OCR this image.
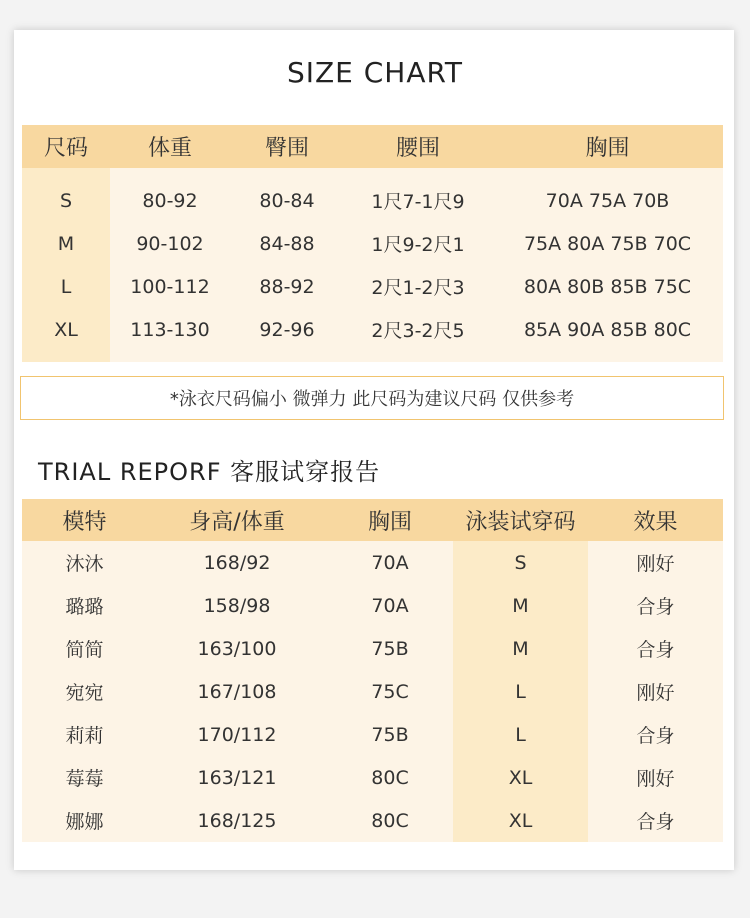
SIZE CHART
尺码	体重	臀围	腰围	胸围
S	80-92	80-84	1尺7-1尺9	70A 75A 70B
M	90-102	84-88	1尺9-2尺1	75A 80A 75B 70C
L	100-112	88-92	2尺1-2尺3	80A 80B 85B 75C
XL	113-130	92-96	2尺3-2尺5	85A 90A 85B 80C
*泳衣尺码偏小 微弹力 此尺码为建议尺码 仅供参考
TRIAL REPORF 客服试穿报告
模特	身高/体重	胸围	泳装试穿码	效果
沐沐	168/92	70A	S	刚好
璐璐	158/98	70A	M	合身
简简	163/100	75B	M	合身
宛宛	167/108	75C	L	刚好
莉莉	170/112	75B	L	合身
莓莓	163/121	80C	XL	刚好
娜娜	168/125	80C	XL	合身
